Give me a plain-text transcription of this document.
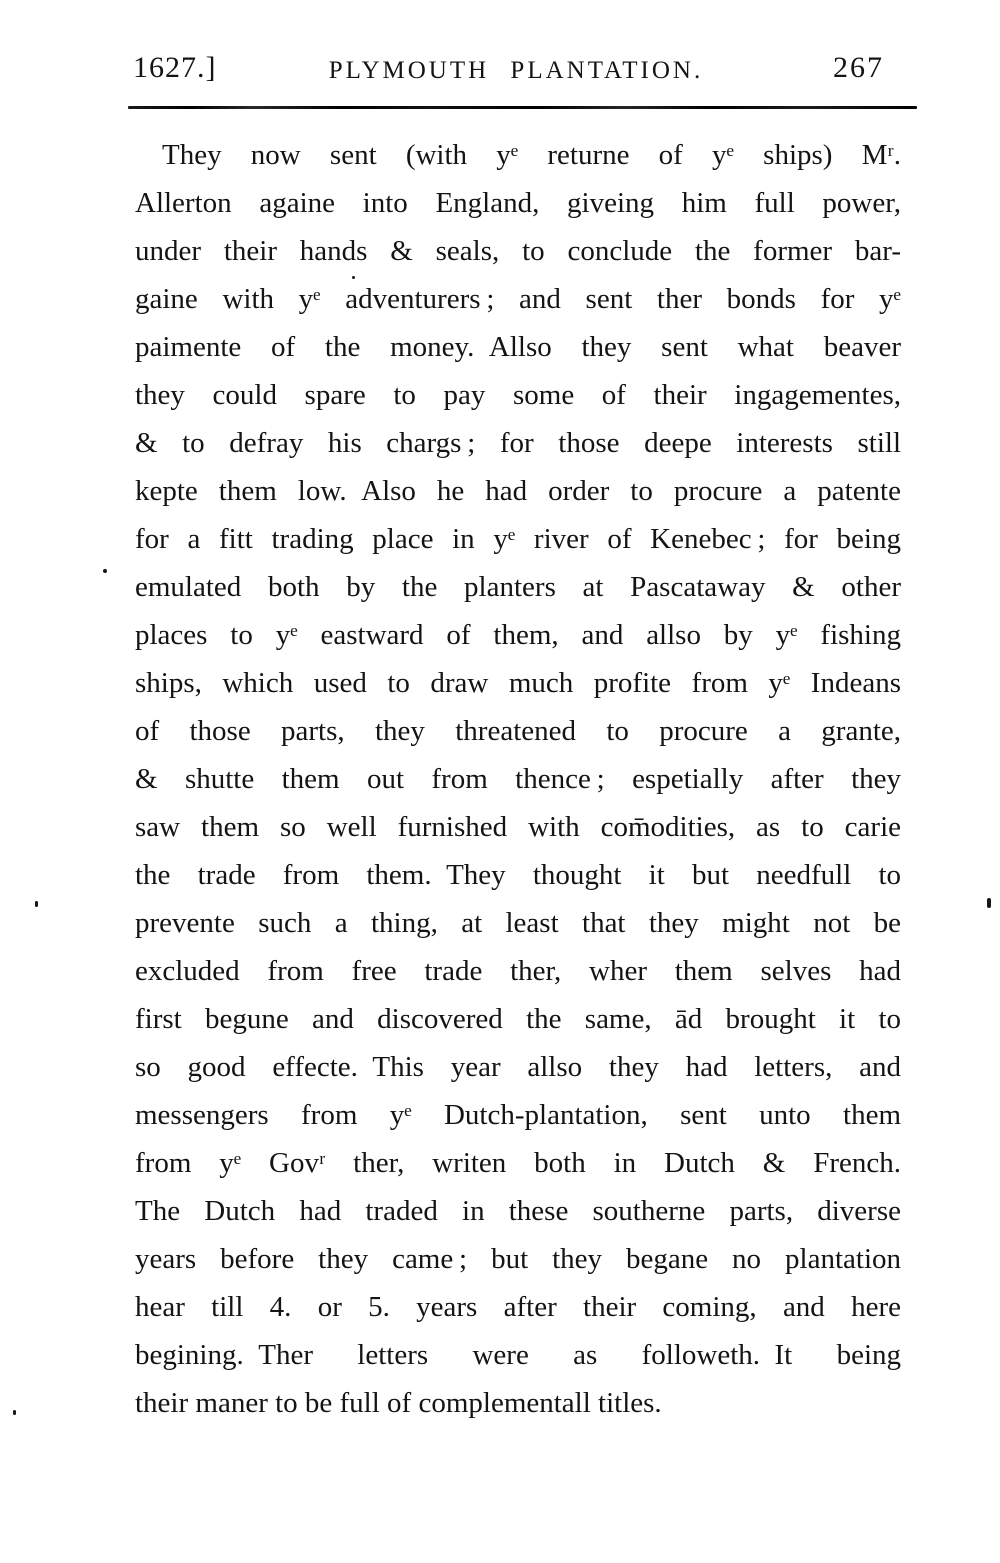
1627.]	PLYMOUTH PLANTATION.	267
They now sent (with yᵉ returne of yᵉ ships) Mʳ.
Allerton againe into England, giveing him full power,
under their hands & seals, to conclude the former bar-
gaine with yᵉ adventurers ; and sent ther bonds for yᵉ
paimente of the money. Allso they sent what beaver
they could spare to pay some of their ingagementes,
& to defray his chargs ; for those deepe interests still
kepte them low. Also he had order to procure a patente
for a fitt trading place in yᵉ river of Kenebec ; for being
emulated both by the planters at Pascataway & other
places to yᵉ eastward of them, and allso by yᵉ fishing
ships, which used to draw much profite from yᵉ Indeans
of those parts, they threatened to procure a grante,
& shutte them out from thence ; espetially after they
saw them so well furnished with com̄odities, as to carie
the trade from them. They thought it but needfull to
prevente such a thing, at least that they might not be
excluded from free trade ther, wher them selves had
first begune and discovered the same, ād brought it to
so good effecte. This year allso they had letters, and
messengers from yᵉ Dutch-plantation, sent unto them
from yᵉ Govʳ ther, writen both in Dutch & French.
The Dutch had traded in these southerne parts, diverse
years before they came ; but they begane no plantation
hear till 4. or 5. years after their coming, and here
begining. Ther letters were as followeth. It being
their maner to be full of complementall titles.
